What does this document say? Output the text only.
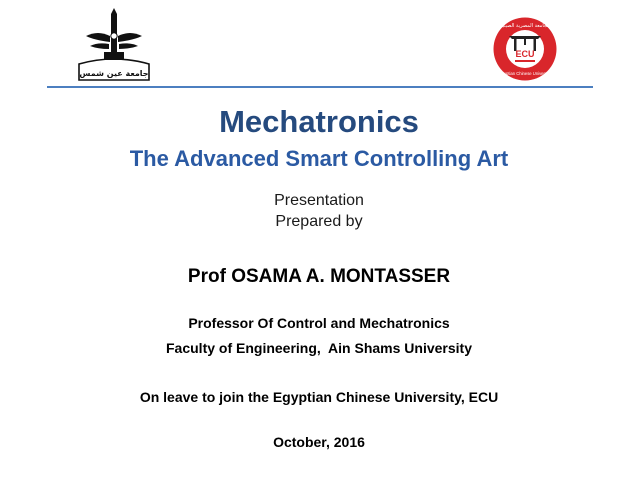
جامعة عين شمس
ECU
الجامعة المصرية الصينية
Egyptian Chinese University
Mechatronics
The Advanced Smart Controlling Art
Presentation
Prepared by
Prof OSAMA A. MONTASSER
Professor Of Control and Mechatronics
Faculty of Engineering,  Ain Shams University
On leave to join the Egyptian Chinese University, ECU
October, 2016
